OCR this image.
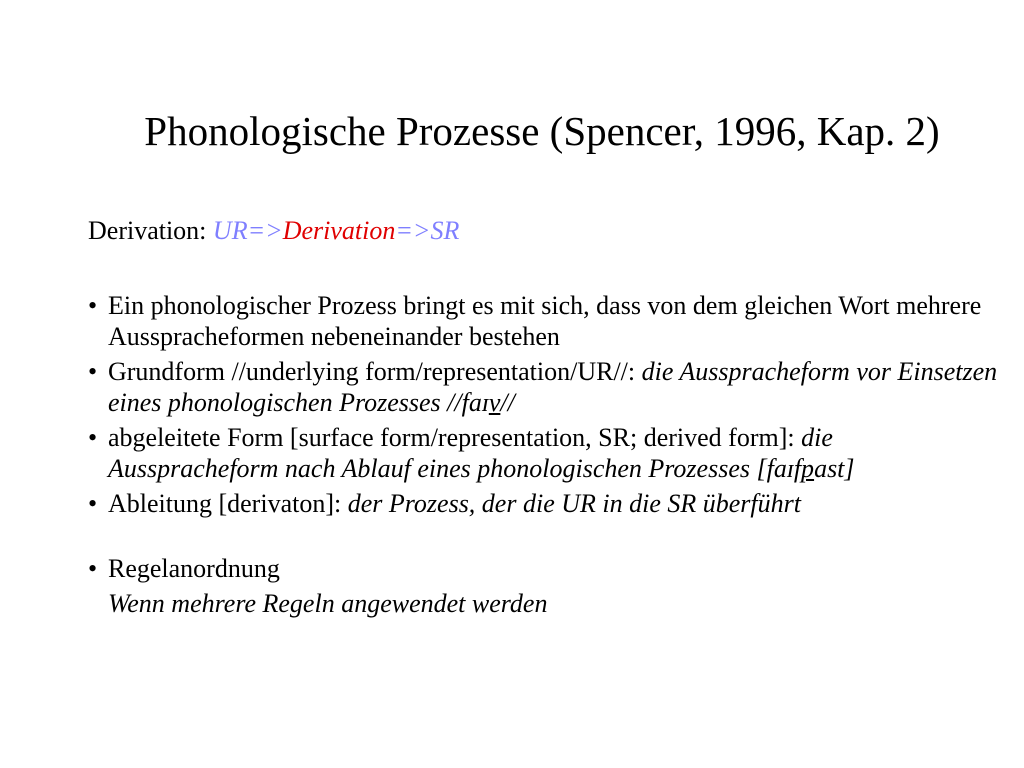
Phonologische Prozesse (Spencer, 1996, Kap. 2)
Derivation: UR=>Derivation=>SR
• Ein phonologischer Prozess bringt es mit sich, dass von dem gleichen Wort mehrere Ausspracheformen nebeneinander bestehen
• Grundform //underlying form/representation/UR//: die Ausspracheform vor Einsetzen eines phonologischen Prozesses //faɪv//
• abgeleitete Form [surface form/representation, SR; derived form]: die Ausspracheform nach Ablauf eines phonologischen Prozesses [faɪfpast]
• Ableitung [derivaton]: der Prozess, der die UR in die SR überführt
• Regelanordnung
Wenn mehrere Regeln angewendet werden
